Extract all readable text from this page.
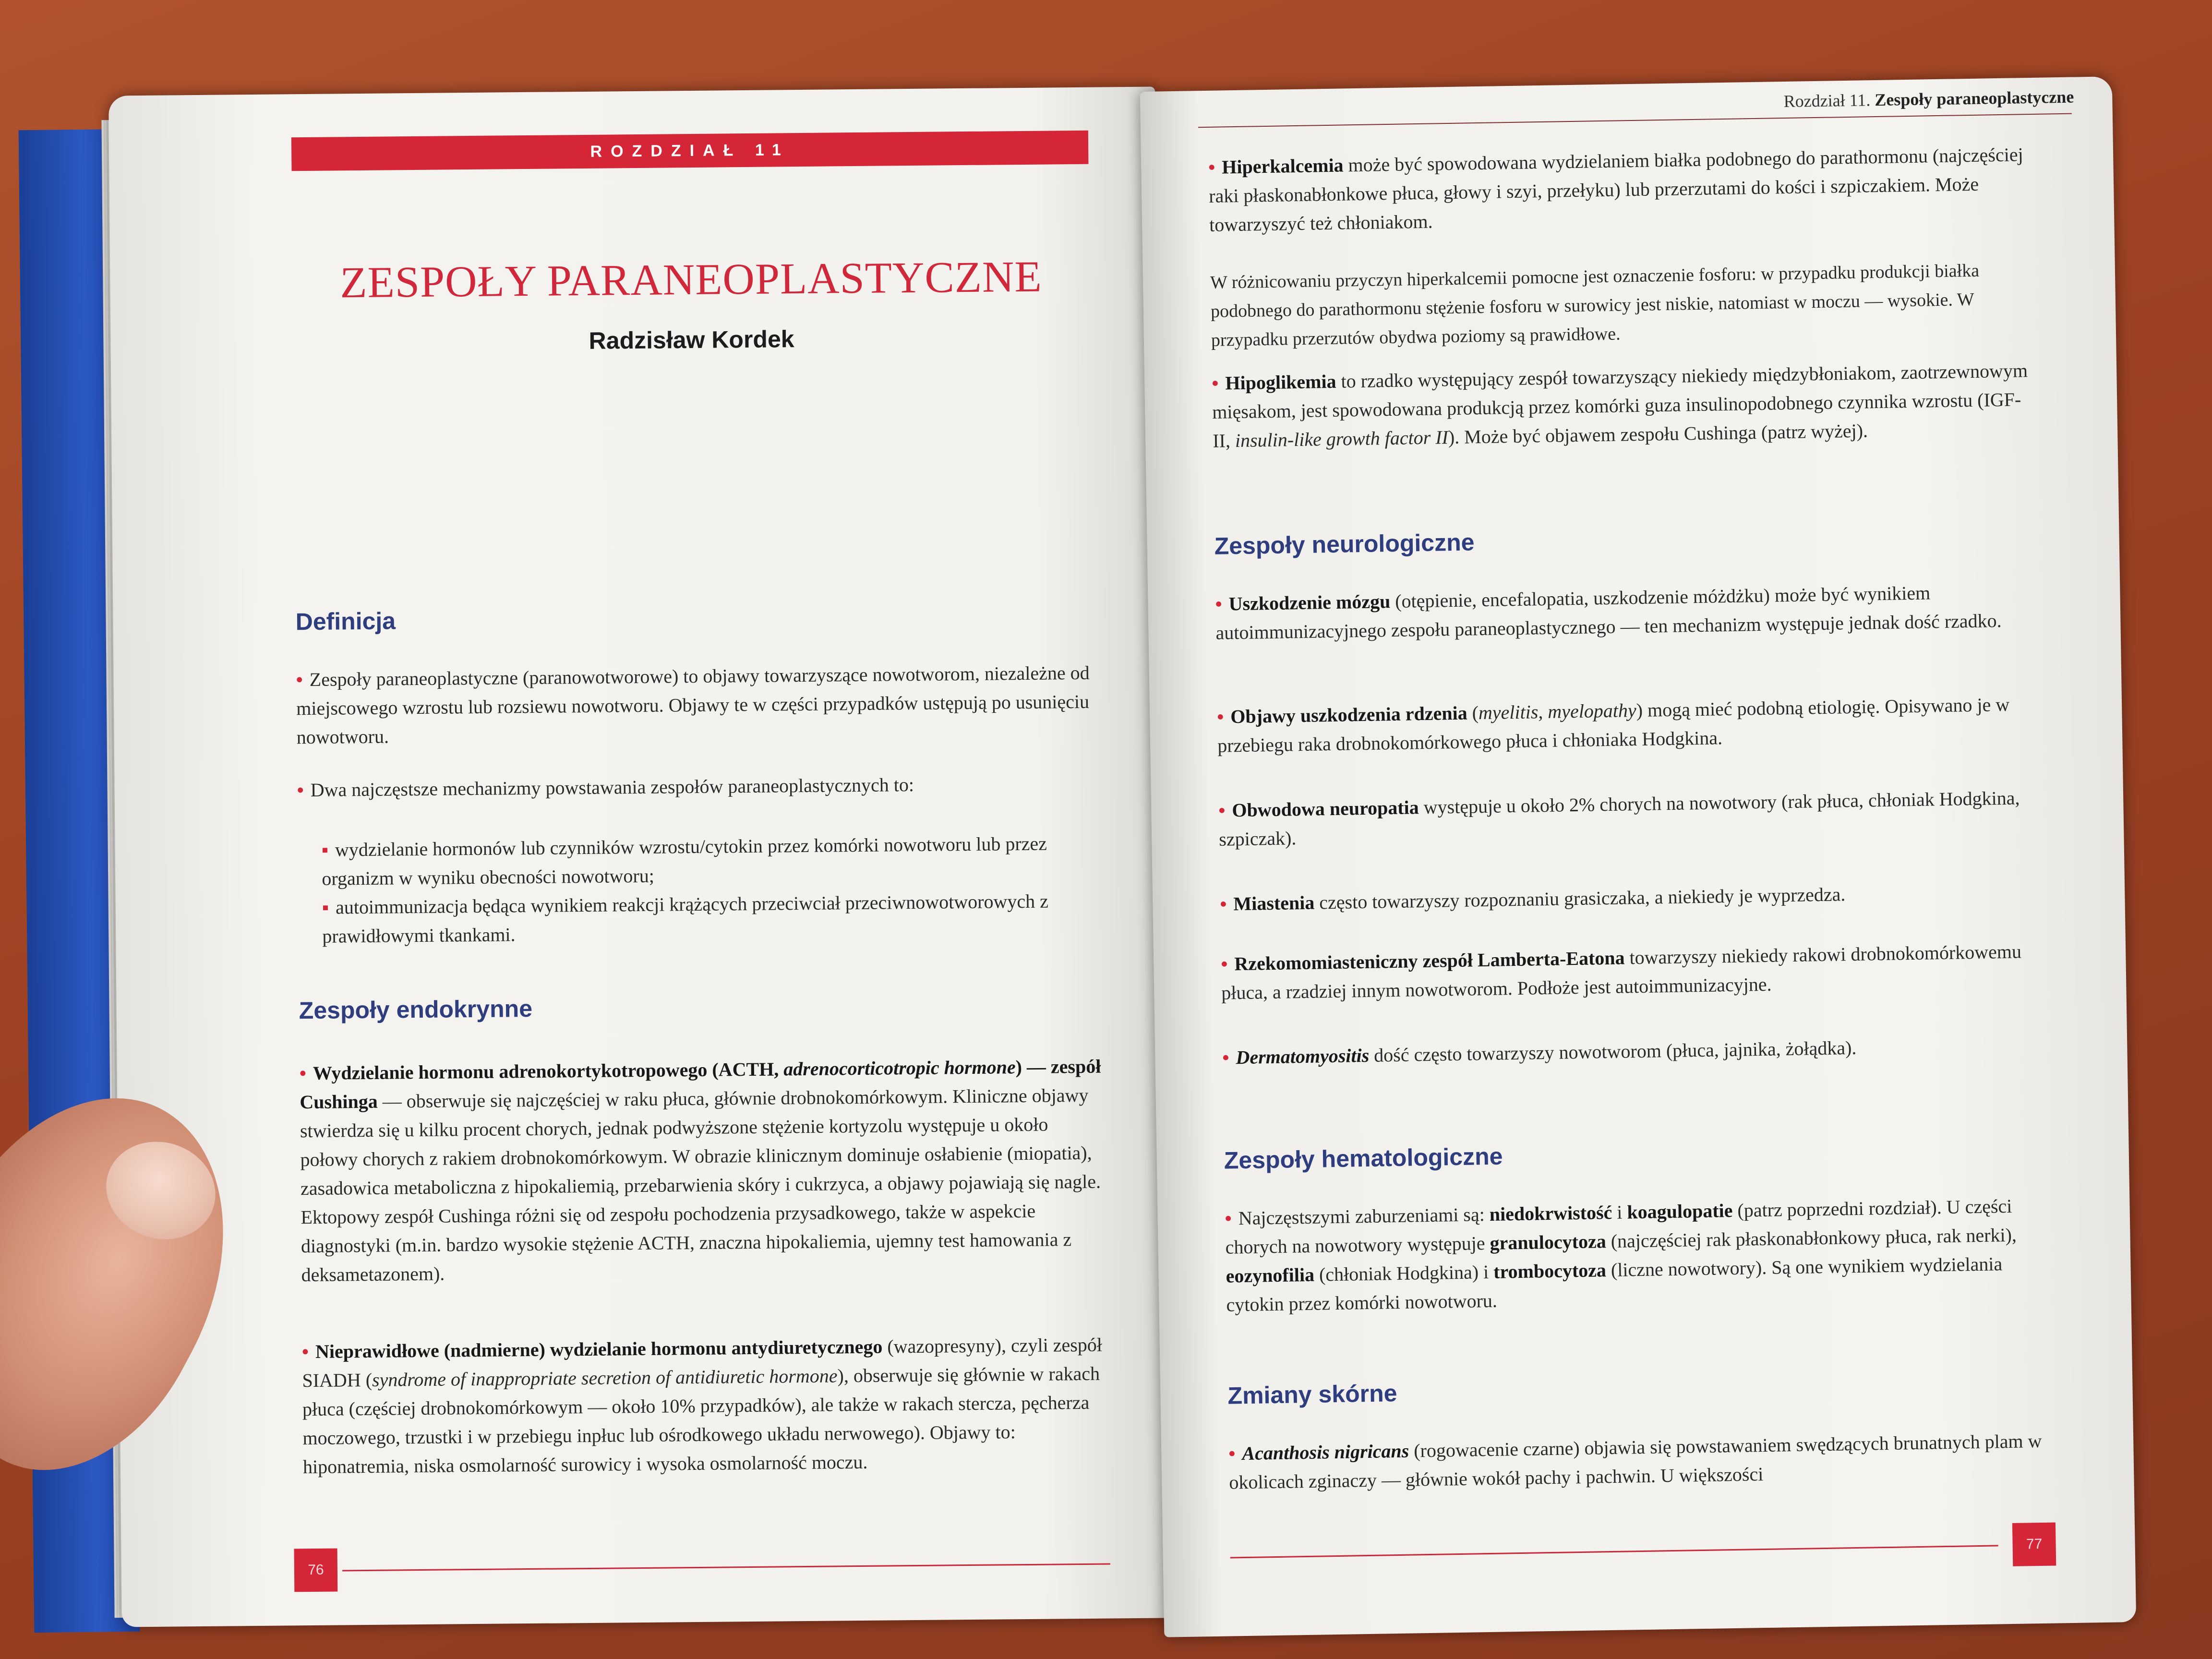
ROZDZIAŁ 11
ZESPOŁY PARANEOPLASTYCZNE
Radzisław Kordek
Definicja
• Zespoły paraneoplastyczne (paranowotworowe) to objawy towarzyszące nowotworom, niezależne od miejscowego wzrostu lub rozsiewu nowotworu. Objawy te w części przypadków ustępują po usunięciu nowotworu.
• Dwa najczęstsze mechanizmy powstawania zespołów paraneoplastycznych to:
▪ wydzielanie hormonów lub czynników wzrostu/cytokin przez komórki nowotworu lub przez organizm w wyniku obecności nowotworu;
▪ autoimmunizacja będąca wynikiem reakcji krążących przeciwciał przeciwnowotworowych z prawidłowymi tkankami.
Zespoły endokrynne
• Wydzielanie hormonu adrenokortykotropowego (ACTH, adrenocorticotropic hormone) — zespół Cushinga — obserwuje się najczęściej w raku płuca, głównie drobnokomórkowym. Kliniczne objawy stwierdza się u kilku procent chorych, jednak podwyższone stężenie kortyzolu występuje u około połowy chorych z rakiem drobnokomórkowym. W obrazie klinicznym dominuje osłabienie (miopatia), zasadowica metaboliczna z hipokaliemią, przebarwienia skóry i cukrzyca, a objawy pojawiają się nagle. Ektopowy zespół Cushinga różni się od zespołu pochodzenia przysadkowego, także w aspekcie diagnostyki (m.in. bardzo wysokie stężenie ACTH, znaczna hipokaliemia, ujemny test hamowania z deksametazonem).
• Nieprawidłowe (nadmierne) wydzielanie hormonu antydiuretycznego (wazopresyny), czyli zespół SIADH (syndrome of inappropriate secretion of antidiuretic hormone), obserwuje się głównie w rakach płuca (częściej drobnokomórkowym — około 10% przypadków), ale także w rakach stercza, pęcherza moczowego, trzustki i w przebiegu inpłuc lub ośrodkowego układu nerwowego). Objawy to: hiponatremia, niska osmolarność surowicy i wysoka osmolarność moczu.
76
Rozdział 11. Zespoły paraneoplastyczne
• Hiperkalcemia może być spowodowana wydzielaniem białka podobnego do parathormonu (najczęściej raki płaskonabłonkowe płuca, głowy i szyi, przełyku) lub przerzutami do kości i szpiczakiem. Może towarzyszyć też chłoniakom.
W różnicowaniu przyczyn hiperkalcemii pomocne jest oznaczenie fosforu: w przypadku produkcji białka podobnego do parathormonu stężenie fosforu w surowicy jest niskie, natomiast w moczu — wysokie. W przypadku przerzutów obydwa poziomy są prawidłowe.
• Hipoglikemia to rzadko występujący zespół towarzyszący niekiedy międzybłoniakom, zaotrzewnowym mięsakom, jest spowodowana produkcją przez komórki guza insulinopodobnego czynnika wzrostu (IGF-II, insulin-like growth factor II). Może być objawem zespołu Cushinga (patrz wyżej).
Zespoły neurologiczne
• Uszkodzenie mózgu (otępienie, encefalopatia, uszkodzenie móżdżku) może być wynikiem autoimmunizacyjnego zespołu paraneoplastycznego — ten mechanizm występuje jednak dość rzadko.
• Objawy uszkodzenia rdzenia (myelitis, myelopathy) mogą mieć podobną etiologię. Opisywano je w przebiegu raka drobnokomórkowego płuca i chłoniaka Hodgkina.
• Obwodowa neuropatia występuje u około 2% chorych na nowotwory (rak płuca, chłoniak Hodgkina, szpiczak).
• Miastenia często towarzyszy rozpoznaniu grasiczaka, a niekiedy je wyprzedza.
• Rzekomomiasteniczny zespół Lamberta-Eatona towarzyszy niekiedy rakowi drobnokomórkowemu płuca, a rzadziej innym nowotworom. Podłoże jest autoimmunizacyjne.
• Dermatomyositis dość często towarzyszy nowotworom (płuca, jajnika, żołądka).
Zespoły hematologiczne
• Najczęstszymi zaburzeniami są: niedokrwistość i koagulopatie (patrz poprzedni rozdział). U części chorych na nowotwory występuje granulocytoza (najczęściej rak płaskonabłonkowy płuca, rak nerki), eozynofilia (chłoniak Hodgkina) i trombocytoza (liczne nowotwory). Są one wynikiem wydzielania cytokin przez komórki nowotworu.
Zmiany skórne
• Acanthosis nigricans (rogowacenie czarne) objawia się powstawaniem swędzących brunatnych plam w okolicach zginaczy — głównie wokół pachy i pachwin. U większości
77
